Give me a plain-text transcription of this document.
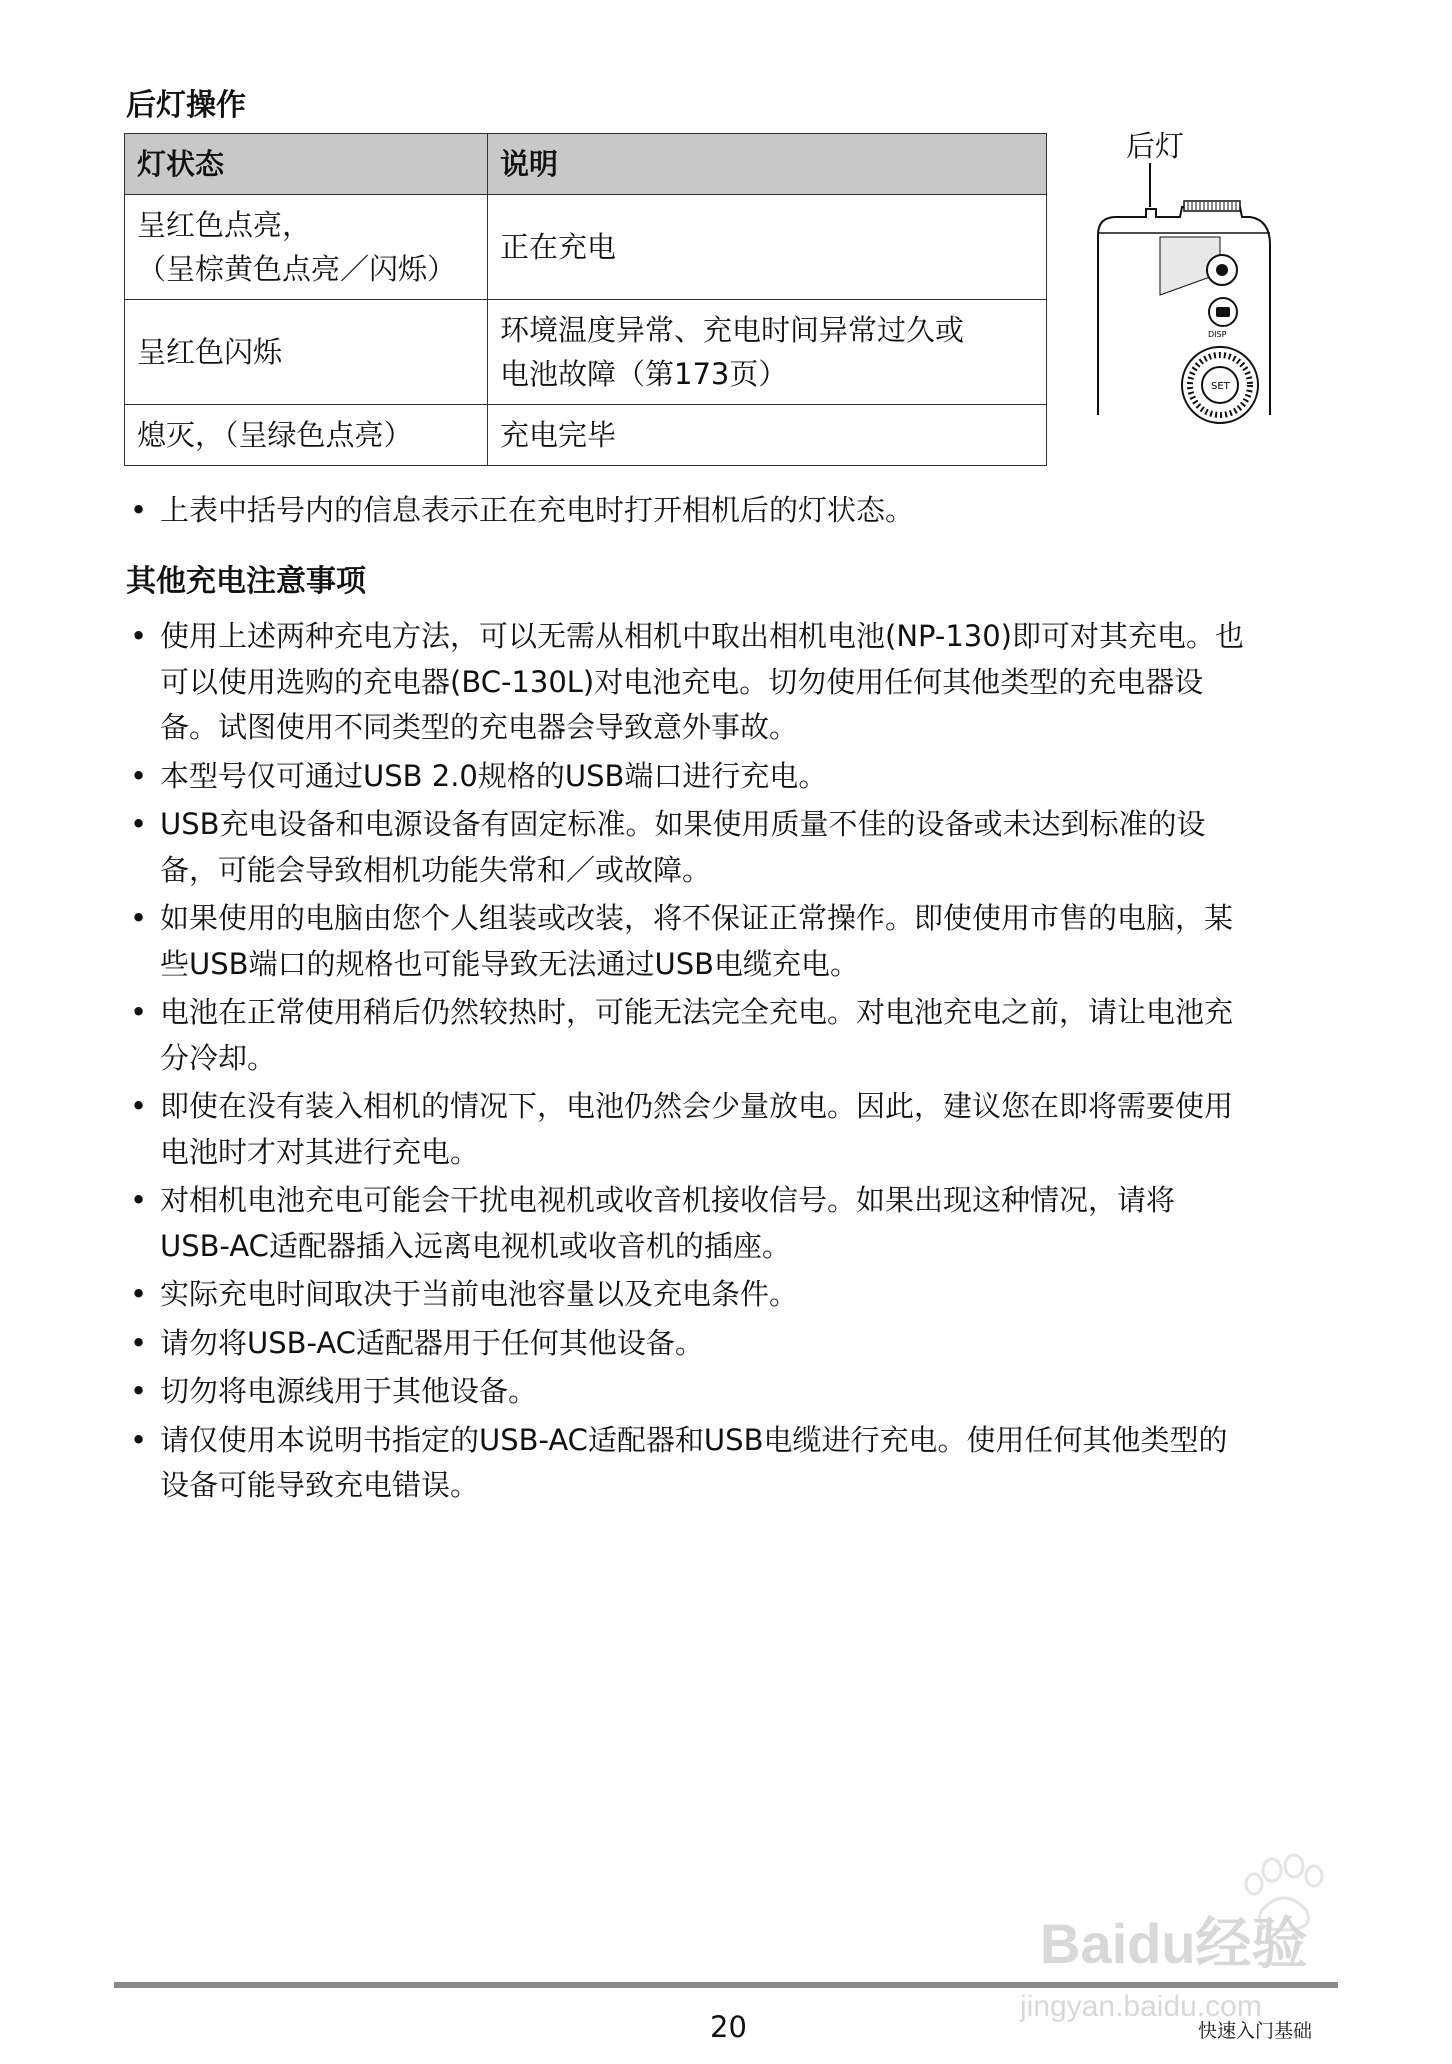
后灯操作
灯状态	说明

呈红色点亮，
（呈棕黄色点亮／闪烁）	正在充电

呈红色闪烁	环境温度异常、充电时间异常过久或
电池故障（第173页）

熄灭，（呈绿色点亮）	充电完毕
后灯
DISP
SET
• 上表中括号内的信息表示正在充电时打开相机后的灯状态。
其他充电注意事项
• 使用上述两种充电方法，可以无需从相机中取出相机电池(NP-130)即可对其充电。也
可以使用选购的充电器(BC-130L)对电池充电。切勿使用任何其他类型的充电器设
备。试图使用不同类型的充电器会导致意外事故。
• 本型号仅可通过USB 2.0规格的USB端口进行充电。
• USB充电设备和电源设备有固定标准。如果使用质量不佳的设备或未达到标准的设
备，可能会导致相机功能失常和／或故障。
• 如果使用的电脑由您个人组装或改装，将不保证正常操作。即使使用市售的电脑，某
些USB端口的规格也可能导致无法通过USB电缆充电。
• 电池在正常使用稍后仍然较热时，可能无法完全充电。对电池充电之前，请让电池充
分冷却。
• 即使在没有装入相机的情况下，电池仍然会少量放电。因此，建议您在即将需要使用
电池时才对其进行充电。
• 对相机电池充电可能会干扰电视机或收音机接收信号。如果出现这种情况，请将
USB-AC适配器插入远离电视机或收音机的插座。
• 实际充电时间取决于当前电池容量以及充电条件。
• 请勿将USB-AC适配器用于任何其他设备。
• 切勿将电源线用于其他设备。
• 请仅使用本说明书指定的USB-AC适配器和USB电缆进行充电。使用任何其他类型的
设备可能导致充电错误。
Baidu经验
jingyan.baidu.com
20	快速入门基础
